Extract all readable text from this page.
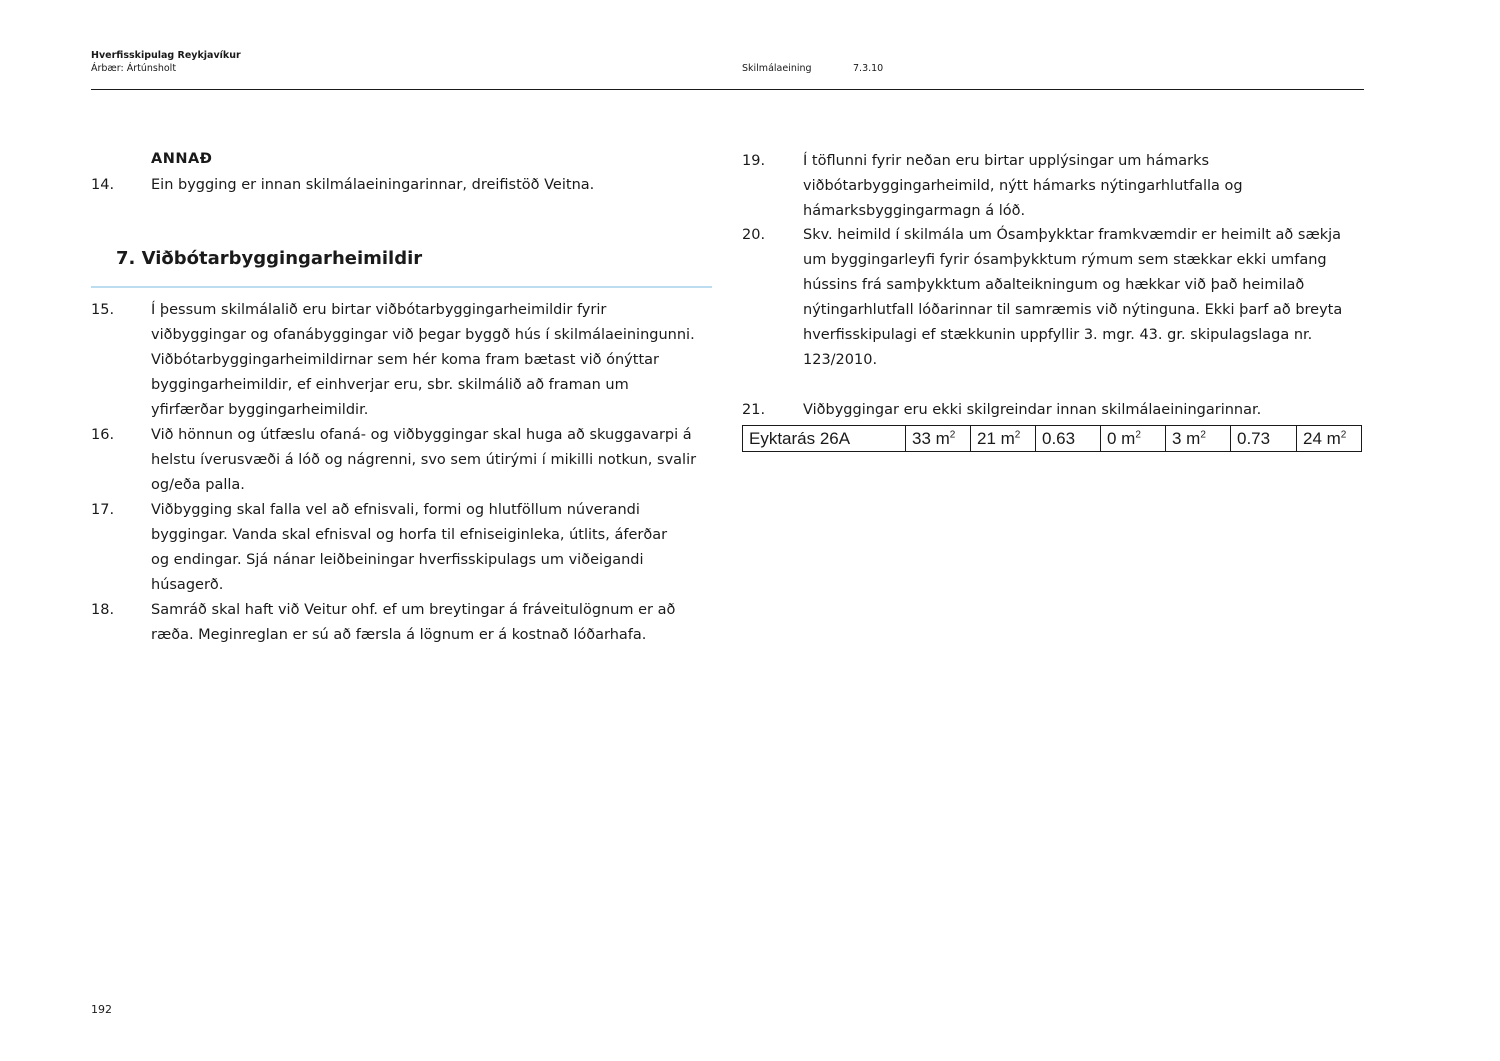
Hverfisskipulag Reykjavíkur
Árbær: Ártúnsholt	Skilmálaeining	7.3.10
ANNAÐ
14.	Ein bygging er innan skilmálaeiningarinnar, dreifistöð Veitna.
7. Viðbótarbyggingarheimildir
15.	Í þessum skilmálalið eru birtar viðbótarbyggingarheimildir fyrir
viðbyggingar og ofanábyggingar við þegar byggð hús í skilmálaeiningunni.
Viðbótarbyggingarheimildirnar sem hér koma fram bætast við ónýttar
byggingarheimildir, ef einhverjar eru, sbr. skilmálið að framan um
yfirfærðar byggingarheimildir.
16.	Við hönnun og útfæslu ofaná- og viðbyggingar skal huga að skuggavarpi á
helstu íverusvæði á lóð og nágrenni, svo sem útirými í mikilli notkun, svalir
og/eða palla.
17.	Viðbygging skal falla vel að efnisvali, formi og hlutföllum núverandi
byggingar. Vanda skal efnisval og horfa til efniseiginleka, útlits, áferðar
og endingar. Sjá nánar leiðbeiningar hverfisskipulags um viðeigandi
húsagerð.
18.	Samráð skal haft við Veitur ohf. ef um breytingar á fráveitulögnum er að
ræða. Meginreglan er sú að færsla á lögnum er á kostnað lóðarhafa.
19.	Í töflunni fyrir neðan eru birtar upplýsingar um hámarks
viðbótarbyggingarheimild, nýtt hámarks nýtingarhlutfalla og
hámarksbyggingarmagn á lóð.
20.	Skv. heimild í skilmála um Ósamþykktar framkvæmdir er heimilt að sækja
um byggingarleyfi fyrir ósamþykktum rýmum sem stækkar ekki umfang
hússins frá samþykktum aðalteikningum og hækkar við það heimilað
nýtingarhlutfall lóðarinnar til samræmis við nýtinguna. Ekki þarf að breyta
hverfisskipulagi ef stækkunin uppfyllir 3. mgr. 43. gr. skipulagslaga nr.
123/2010.
21.	Viðbyggingar eru ekki skilgreindar innan skilmálaeiningarinnar.
Eyktarás 26A	33 $m^2$	21 $m^2$	0.63	0 $m^2$	3 $m^2$	0.73	24 $m^2$
192
